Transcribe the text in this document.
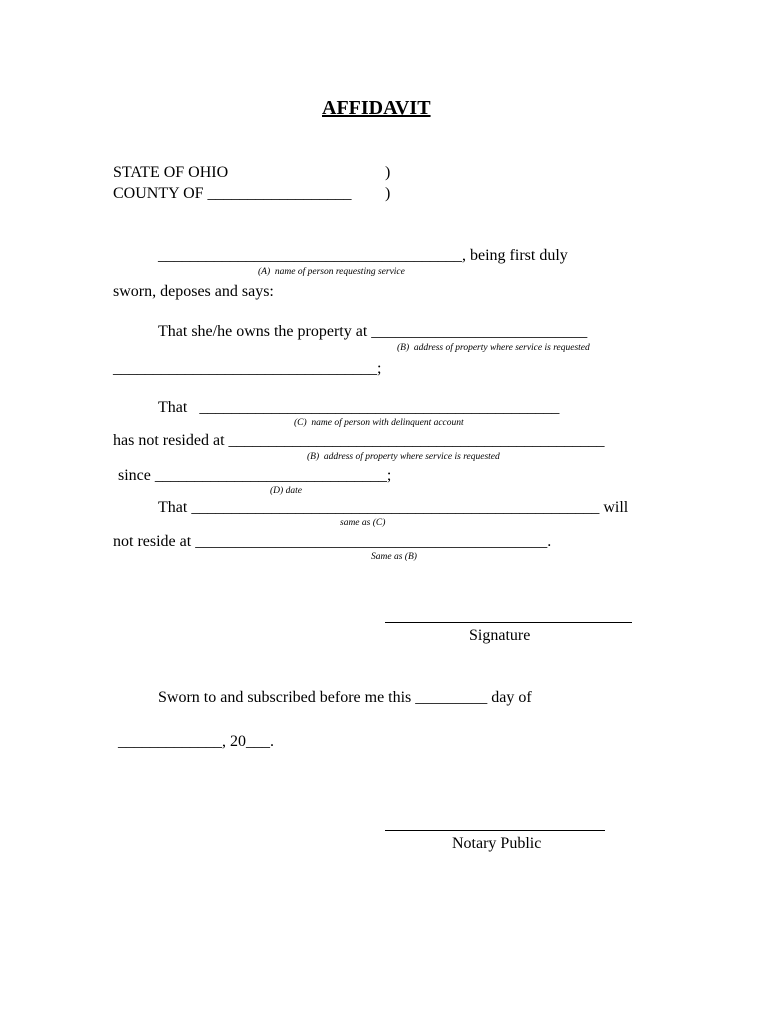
AFFIDAVIT
STATE OF OHIO	)
COUNTY OF __________________ )
______________________________________, being first duly
(A)  name of person requesting service
sworn, deposes and says:
That she/he owns the property at ___________________________
(B)  address of property where service is requested
_________________________________;
That   _____________________________________________
(C)  name of person with delinquent account
has not resided at _______________________________________________
(B)  address of property where service is requested
since _____________________________;
(D) date
That ___________________________________________________ will
same as (C)
not reside at ____________________________________________.
Same as (B)
Signature
Sworn to and subscribed before me this _________ day of
_____________, 20___.
Notary Public
